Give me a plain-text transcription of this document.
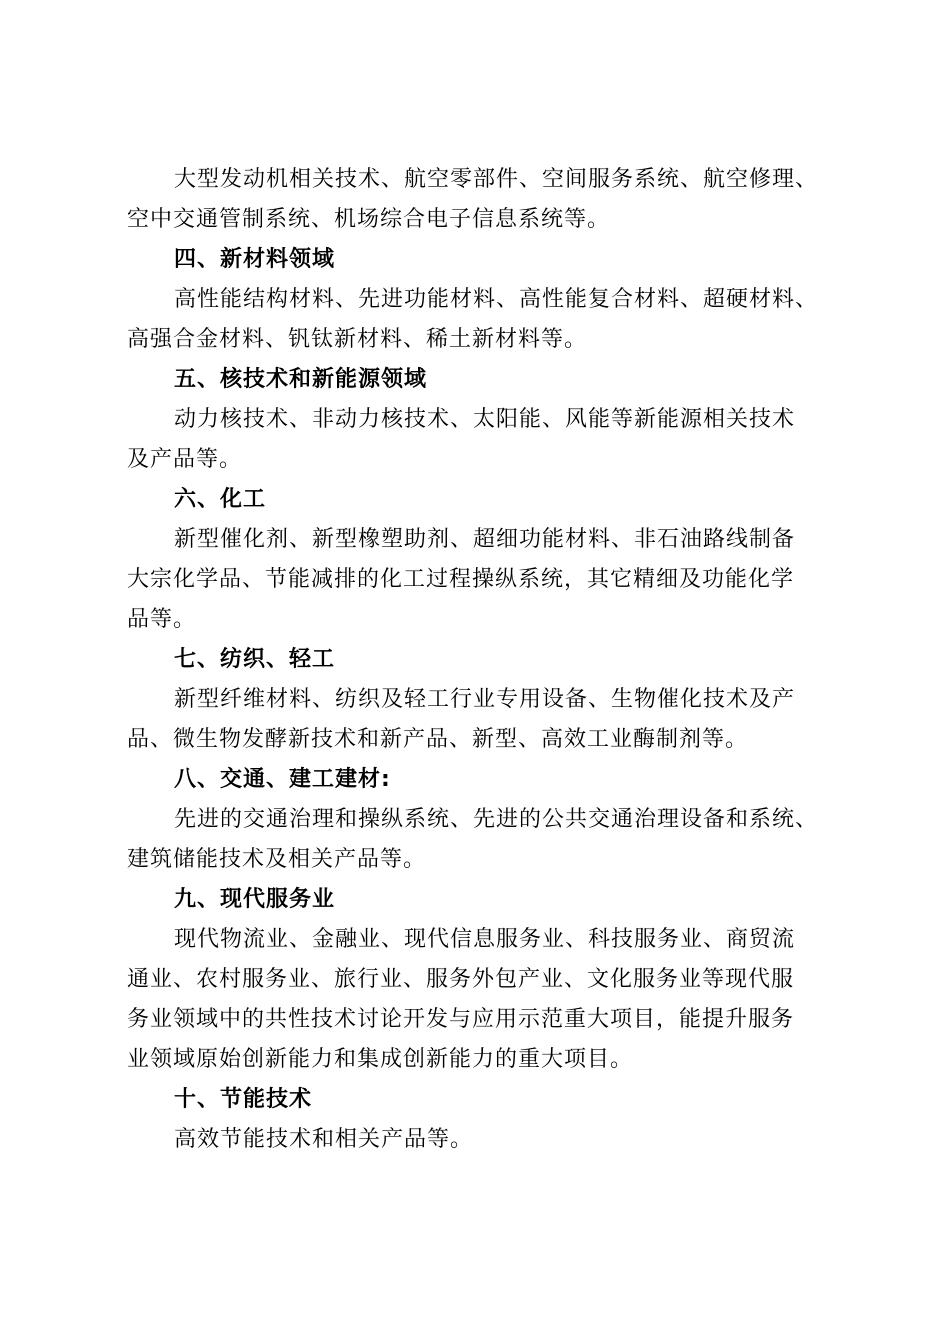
大型发动机相关技术、航空零部件、空间服务系统、航空修理、
空中交通管制系统、机场综合电子信息系统等。
四、新材料领域
高性能结构材料、先进功能材料、高性能复合材料、超硬材料、
高强合金材料、钒钛新材料、稀土新材料等。
五、核技术和新能源领域
动力核技术、非动力核技术、太阳能、风能等新能源相关技术
及产品等。
六、化工
新型催化剂、新型橡塑助剂、超细功能材料、非石油路线制备
大宗化学品、节能减排的化工过程操纵系统，其它精细及功能化学
品等。
七、纺织、轻工
新型纤维材料、纺织及轻工行业专用设备、生物催化技术及产
品、微生物发酵新技术和新产品、新型、高效工业酶制剂等。
八、交通、建工建材:
先进的交通治理和操纵系统、先进的公共交通治理设备和系统、
建筑储能技术及相关产品等。
九、现代服务业
现代物流业、金融业、现代信息服务业、科技服务业、商贸流
通业、农村服务业、旅行业、服务外包产业、文化服务业等现代服
务业领域中的共性技术讨论开发与应用示范重大项目，能提升服务
业领域原始创新能力和集成创新能力的重大项目。
十、节能技术
高效节能技术和相关产品等。
